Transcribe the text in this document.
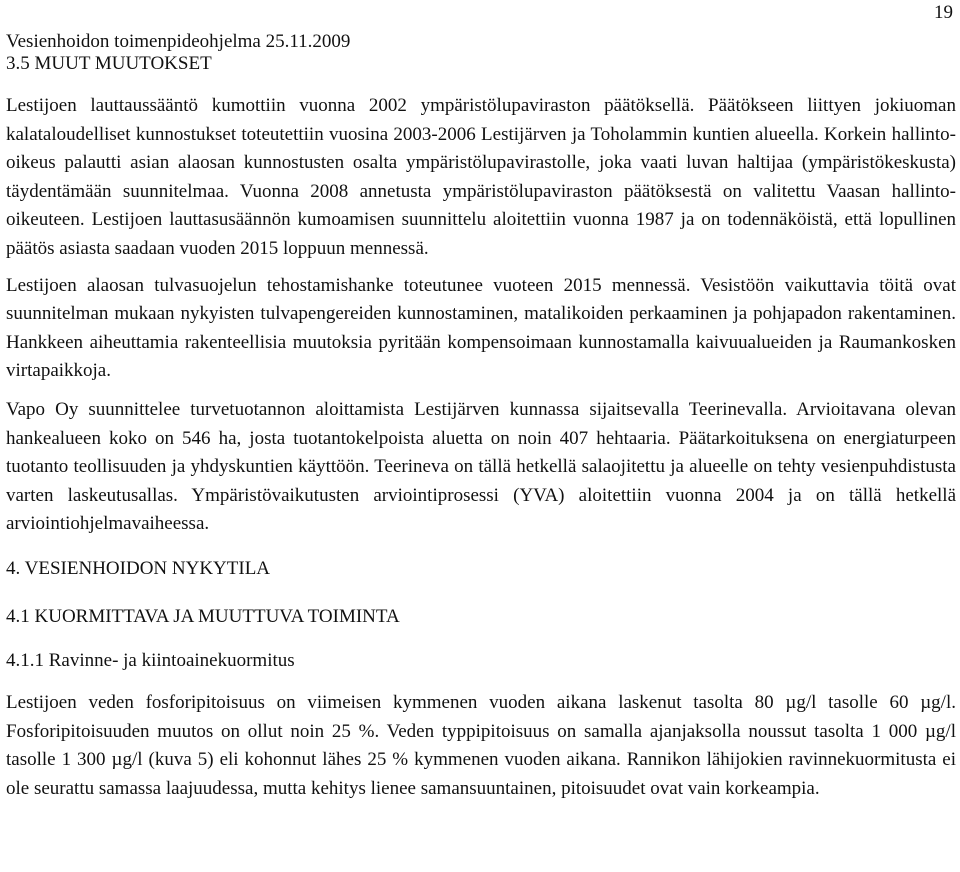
19
Vesienhoidon toimenpideohjelma 25.11.2009
3.5 MUUT MUUTOKSET

Lestijoen lauttaussääntö kumottiin vuonna 2002 ympäristölupaviraston päätöksellä. Päätökseen liittyen jokiuoman kalataloudelliset kunnostukset toteutettiin vuosina 2003-2006 Lestijärven ja Toholammin kuntien alueella. Korkein hallinto-oikeus palautti asian alaosan kunnostusten osalta ympäristölupavirastolle, joka vaati luvan haltijaa (ympäristökeskusta) täydentämään suunnitelmaa. Vuonna 2008 annetusta ympäristölupaviraston päätöksestä on valitettu Vaasan hallinto-oikeuteen. Lestijoen lauttasusäännön kumoamisen suunnittelu aloitettiin vuonna 1987 ja on todennäköistä, että lopullinen päätös asiasta saadaan vuoden 2015 loppuun mennessä.

Lestijoen alaosan tulvasuojelun tehostamishanke toteutunee vuoteen 2015 mennessä. Vesistöön vaikuttavia töitä ovat suunnitelman mukaan nykyisten tulvapengereiden kunnostaminen, matalikoiden perkaaminen ja pohjapadon rakentaminen. Hankkeen aiheuttamia rakenteellisia muutoksia pyritään kompensoimaan kunnostamalla kaivuualueiden ja Raumankosken virtapaikkoja.

Vapo Oy suunnittelee turvetuotannon aloittamista Lestijärven kunnassa sijaitsevalla Teerinevalla. Arvioitavana olevan hankealueen koko on 546 ha, josta tuotantokelpoista aluetta on noin 407 hehtaaria. Päätarkoituksena on energiaturpeen tuotanto teollisuuden ja yhdyskuntien käyttöön. Teerineva on tällä hetkellä salaojitettu ja alueelle on tehty vesienpuhdistusta varten laskeutusallas. Ympäristövaikutusten arviointiprosessi (YVA) aloitettiin vuonna 2004 ja on tällä hetkellä arviointiohjelmavaiheessa.

4. VESIENHOIDON NYKYTILA
4.1 KUORMITTAVA JA MUUTTUVA TOIMINTA
4.1.1 Ravinne- ja kiintoainekuormitus

Lestijoen veden fosforipitoisuus on viimeisen kymmenen vuoden aikana laskenut tasolta 80 µg/l tasolle 60 µg/l. Fosforipitoisuuden muutos on ollut noin 25 %. Veden typpipitoisuus on samalla ajanjaksolla noussut tasolta 1 000 µg/l tasolle 1 300 µg/l (kuva 5) eli kohonnut lähes 25 % kymmenen vuoden aikana. Rannikon lähijokien ravinnekuormitusta ei ole seurattu samassa laajuudessa, mutta kehitys lienee samansuuntainen, pitoisuudet ovat vain korkeampia.
